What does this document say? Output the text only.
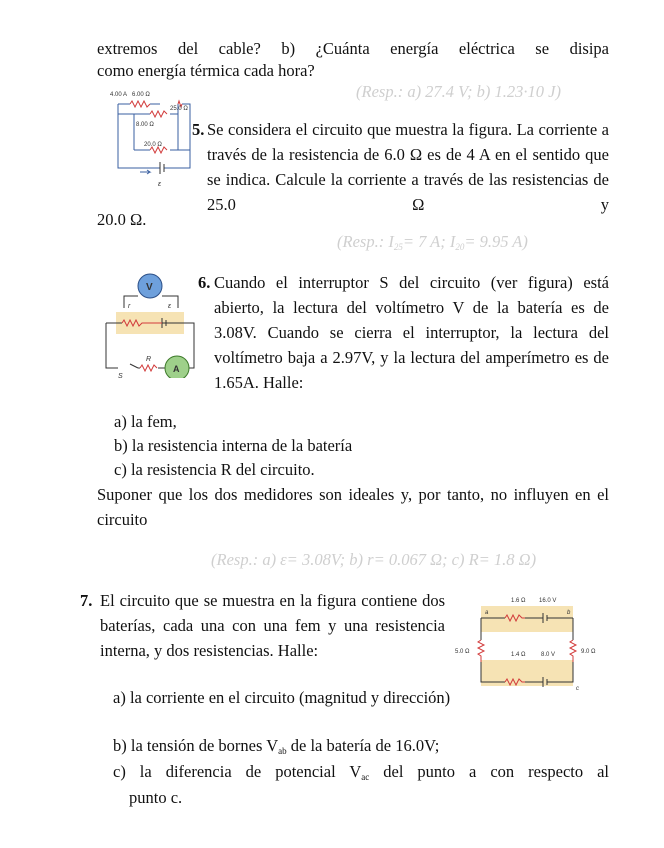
extremos del cable? b) ¿Cuánta energía eléctrica se disipa
como energía térmica cada hora?
(Resp.: a) 27.4 V; b) 1.23·10 J)
4.00 A 6.00 Ω
25.0 Ω
8.00 Ω
20.0 Ω
ε
5. Se considera el circuito que muestra la figura. La corriente a través de la resistencia de 6.0 Ω es de 4 A en el sentido que se indica. Calcule la corriente a través de las resistencias de 25.0 Ω y
20.0 Ω.
(Resp.: $I_{25}= 7$ A; $I_{20}= 9.95$ A)
V
A
S
R
ε
r
6. Cuando el interruptor S del circuito (ver figura) está abierto, la lectura del voltímetro V de la batería es de 3.08V. Cuando se cierra el interruptor, la lectura del voltímetro baja a 2.97V, y la lectura del amperímetro es de 1.65A. Halle:
a) la fem,
b) la resistencia interna de la batería
c) la resistencia R del circuito.
Suponer que los dos medidores son ideales y, por tanto, no influyen en el circuito
(Resp.: a) ε= 3.08V; b) r= 0.067 Ω; c) R= 1.8 Ω)
1.6 Ω 16.0 V
1.4 Ω	8.0 V
5.0 Ω	9.0 Ω
a	b
c
7. El circuito que se muestra en la figura contiene dos baterías, cada una con una fem y una resistencia interna, y dos resistencias. Halle:
a) la corriente en el circuito (magnitud y dirección)
b) la tensión de bornes $V_{ab}$ de la batería de 16.0V;
c) la diferencia de potencial $V_{ac}$ del punto a con respecto al
punto c.
